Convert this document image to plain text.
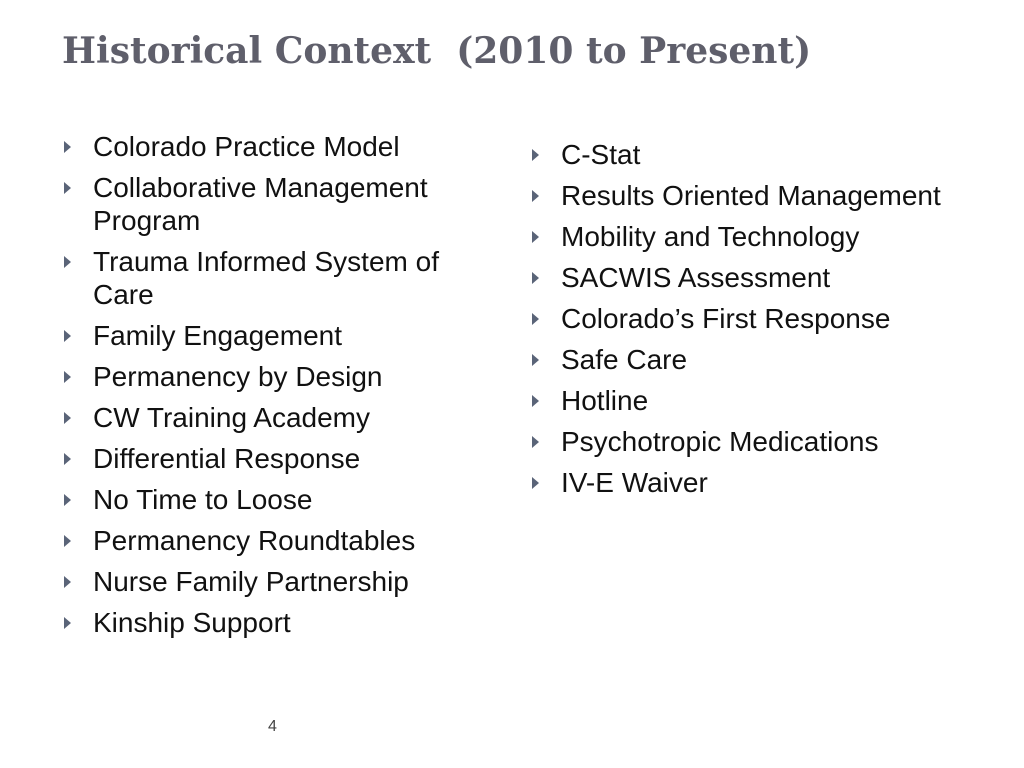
Historical Context  (2010 to Present)
Colorado Practice Model
Collaborative Management Program
Trauma Informed System of Care
Family Engagement
Permanency by Design
CW Training Academy
Differential Response
No Time to Loose
Permanency Roundtables
Nurse Family Partnership
Kinship Support
C-Stat
Results Oriented Management
Mobility and Technology
SACWIS Assessment
Colorado’s First Response
Safe Care
Hotline
Psychotropic Medications
IV-E Waiver
4
